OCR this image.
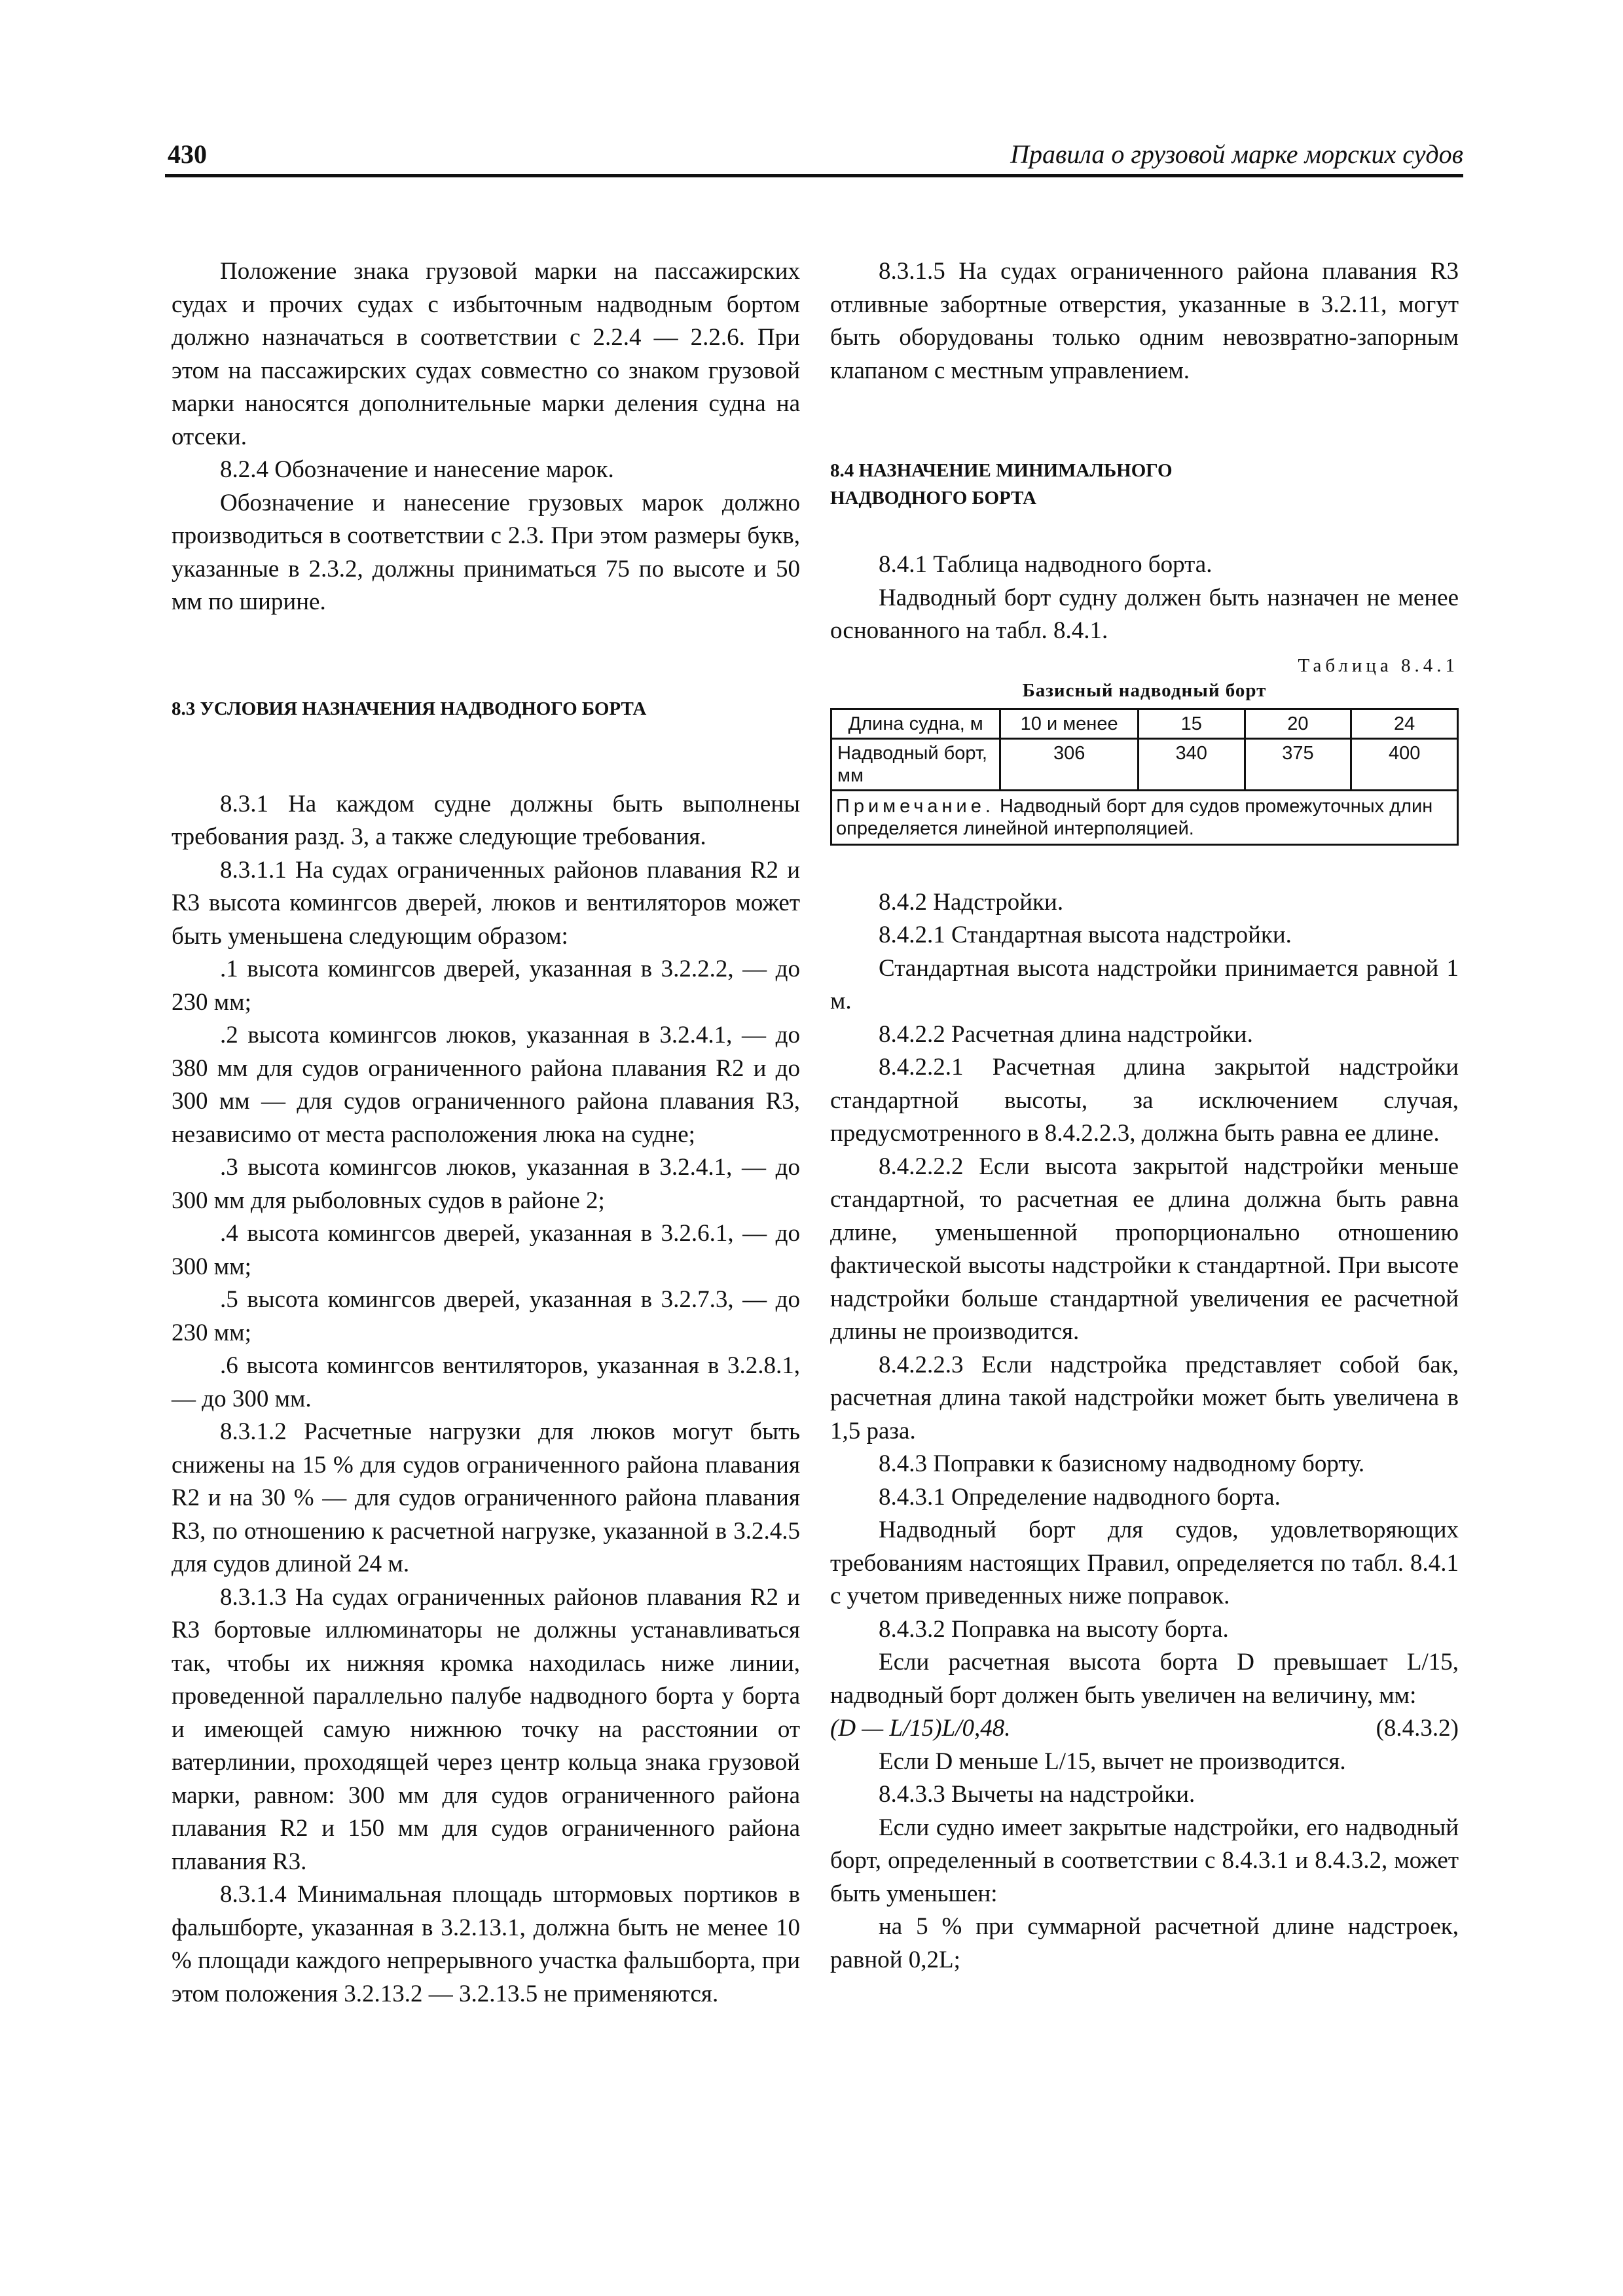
430	Правила о грузовой марке морских судов

Положение знака грузовой марки на пассажирских судах и прочих судах с избыточным надводным бортом должно назначаться в соответствии с 2.2.4 — 2.2.6. При этом на пассажирских судах совместно со знаком грузовой марки наносятся дополнительные марки деления судна на отсеки.

8.2.4 Обозначение и нанесение марок.

Обозначение и нанесение грузовых марок должно производиться в соответствии с 2.3. При этом размеры букв, указанные в 2.3.2, должны приниматься 75 по высоте и 50 мм по ширине.

8.3 УСЛОВИЯ НАЗНАЧЕНИЯ НАДВОДНОГО БОРТА

8.3.1 На каждом судне должны быть выполнены требования разд. 3, а также следующие требования.

8.3.1.1 На судах ограниченных районов плавания R2 и R3 высота комингсов дверей, люков и вентиляторов может быть уменьшена следующим образом:

.1 высота комингсов дверей, указанная в 3.2.2.2, — до 230 мм;

.2 высота комингсов люков, указанная в 3.2.4.1, — до 380 мм для судов ограниченного района плавания R2 и до 300 мм — для судов ограниченного района плавания R3, независимо от места расположения люка на судне;

.3 высота комингсов люков, указанная в 3.2.4.1, — до 300 мм для рыболовных судов в районе 2;

.4 высота комингсов дверей, указанная в 3.2.6.1, — до 300 мм;

.5 высота комингсов дверей, указанная в 3.2.7.3, — до 230 мм;

.6 высота комингсов вентиляторов, указанная в 3.2.8.1, — до 300 мм.

8.3.1.2 Расчетные нагрузки для люков могут быть снижены на 15 % для судов ограниченного района плавания R2 и на 30 % — для судов ограниченного района плавания R3, по отношению к расчетной нагрузке, указанной в 3.2.4.5 для судов длиной 24 м.

8.3.1.3 На судах ограниченных районов плавания R2 и R3 бортовые иллюминаторы не должны устанавливаться так, чтобы их нижняя кромка находилась ниже линии, проведенной параллельно палубе надводного борта у борта и имеющей самую нижнюю точку на расстоянии от ватерлинии, проходящей через центр кольца знака грузовой марки, равном: 300 мм для судов ограниченного района плавания R2 и 150 мм для судов ограниченного района плавания R3.

8.3.1.4 Минимальная площадь штормовых портиков в фальшборте, указанная в 3.2.13.1, должна быть не менее 10 % площади каждого непрерывного участка фальшборта, при этом положения 3.2.13.2 — 3.2.13.5 не применяются.

8.3.1.5 На судах ограниченного района плавания R3 отливные забортные отверстия, указанные в 3.2.11, могут быть оборудованы только одним невозвратно-запорным клапаном с местным управлением.

8.4 НАЗНАЧЕНИЕ МИНИМАЛЬНОГО
НАДВОДНОГО БОРТА

8.4.1 Таблица надводного борта.

Надводный борт судну должен быть назначен не менее основанного на табл. 8.4.1.

Таблица 8.4.1
Базисный надводный борт
Длина судна, м	10 и менее	15	20	24
Надводный борт, мм	306	340	375	400
Примечание. Надводный борт для судов промежуточных длин определяется линейной интерполяцией.				

8.4.2 Надстройки.

8.4.2.1 Стандартная высота надстройки.

Стандартная высота надстройки принимается равной 1 м.

8.4.2.2 Расчетная длина надстройки.

8.4.2.2.1 Расчетная длина закрытой надстройки стандартной высоты, за исключением случая, предусмотренного в 8.4.2.2.3, должна быть равна ее длине.

8.4.2.2.2 Если высота закрытой надстройки меньше стандартной, то расчетная ее длина должна быть равна длине, уменьшенной пропорционально отношению фактической высоты надстройки к стандартной. При высоте надстройки больше стандартной увеличения ее расчетной длины не производится.

8.4.2.2.3 Если надстройка представляет собой бак, расчетная длина такой надстройки может быть увеличена в 1,5 раза.

8.4.3 Поправки к базисному надводному борту.

8.4.3.1 Определение надводного борта.

Надводный борт для судов, удовлетворяющих требованиям настоящих Правил, определяется по табл. 8.4.1 с учетом приведенных ниже поправок.

8.4.3.2 Поправка на высоту борта.

Если расчетная высота борта D превышает L/15, надводный борт должен быть увеличен на величину, мм:

(D — L/15)L/0,48.	(8.4.3.2)

Если D меньше L/15, вычет не производится.

8.4.3.3 Вычеты на надстройки.

Если судно имеет закрытые надстройки, его надводный борт, определенный в соответствии с 8.4.3.1 и 8.4.3.2, может быть уменьшен:

на 5 % при суммарной расчетной длине надстроек, равной 0,2L;
